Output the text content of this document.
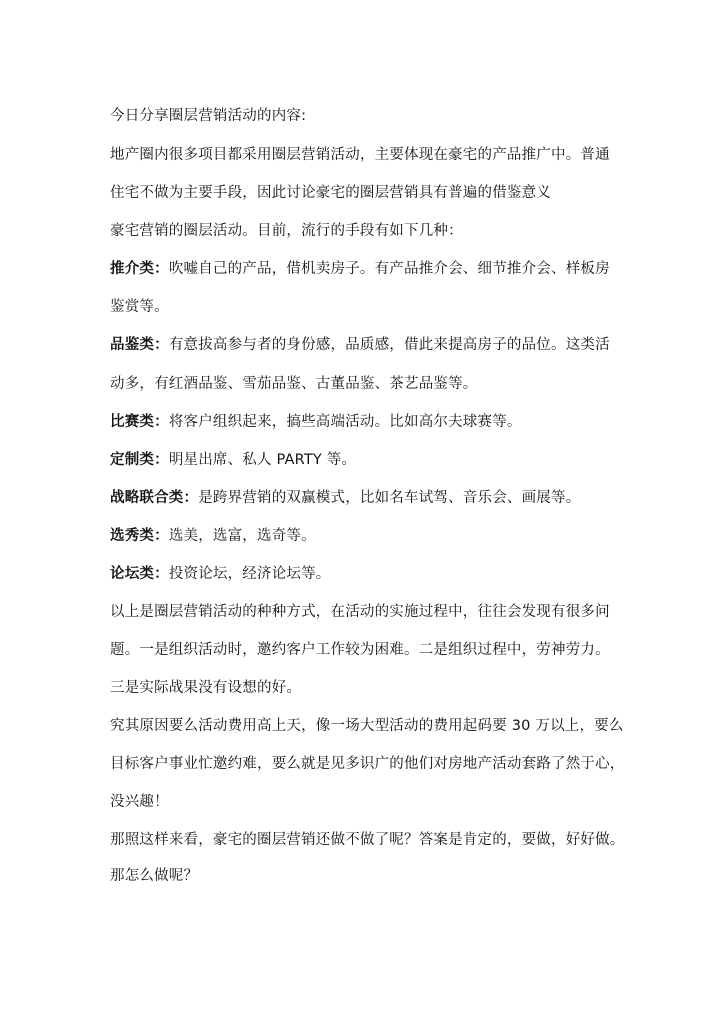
今日分享圈层营销活动的内容:
地产圈内很多项目都采用圈层营销活动，主要体现在豪宅的产品推广中。普通
住宅不做为主要手段，因此讨论豪宅的圈层营销具有普遍的借鉴意义
豪宅营销的圈层活动。目前，流行的手段有如下几种：
推介类：吹嘘自己的产品，借机卖房子。有产品推介会、细节推介会、样板房
鉴赏等。
品鉴类：有意拔高参与者的身份感，品质感，借此来提高房子的品位。这类活
动多，有红酒品鉴、雪茄品鉴、古董品鉴、茶艺品鉴等。
比赛类：将客户组织起来，搞些高端活动。比如高尔夫球赛等。
定制类：明星出席、私人 PARTY 等。
战略联合类：是跨界营销的双赢模式，比如名车试驾、音乐会、画展等。
选秀类：选美，选富，选奇等。
论坛类：投资论坛，经济论坛等。
以上是圈层营销活动的种种方式，在活动的实施过程中，往往会发现有很多问
题。一是组织活动时，邀约客户工作较为困难。二是组织过程中，劳神劳力。
三是实际战果没有设想的好。
究其原因要么活动费用高上天，像一场大型活动的费用起码要 30 万以上，要么
目标客户事业忙邀约难，要么就是见多识广的他们对房地产活动套路了然于心，
没兴趣！
那照这样来看，豪宅的圈层营销还做不做了呢？答案是肯定的，要做，好好做。
那怎么做呢？
